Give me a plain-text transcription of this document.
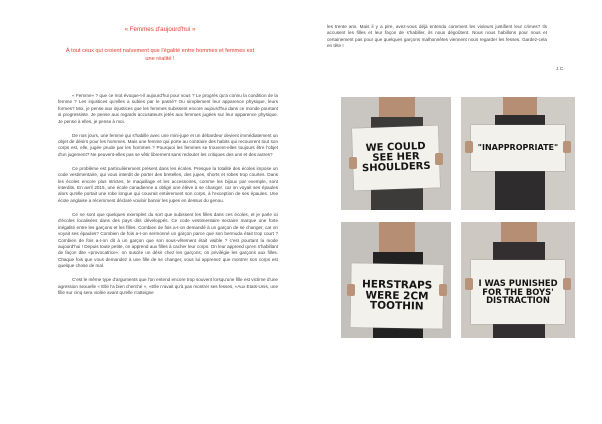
« Femmes d'aujourd'hui »
À tout ceux qui croient naïvement que l'égalité entre hommes et femmes est une réalité !

« Femme» ? que ce mot évoque-t-il aujourd'hui pour vous ? Le progrès qu'a connu la condition de la femme ? Les injustices qu'elles a subies par le passé? Ou simplement leur apparence physique, leurs formes? Moi, je pense aux injustices que les femmes subissent encore aujourd'hui dans ce monde pourtant si progressiste. Je pense aux regards accusateurs jetés aux femmes jugées sur leur apparence physique. Je pense à elles, je pense à moi.

De nos jours, une femme qui s'habille avec une mini-jupe et un débardeur devient immédiatement un objet de désirs pour les hommes. Mais une femme qui porte au contraire des habits qui recouvrent tout son corps est, elle, jugée prude par les hommes ? Pourquoi les femmes se trouvent-elles toujours être l'objet d'un jugement? Ne peuvent-elles pas se vêtir librement sans redouter les critiques des uns et des autres?

Ce problème est particulièrement présent dans les écoles. Presque la totalité des écoles impose un code vestimentaire, qui vous interdit de porter des bretelles, des jupes, shorts et robes trop courtes. Dans les écoles encore plus strictes, le maquillage et les accessoires, comme les bijoux par exemple, sont interdits. En avril 2015, une école canadienne a obligé une élève à se changer, car on voyait ses épaules alors qu'elle portait une robe longue qui couvrait entièrement son corps, à l'exception de ses épaules. Une école anglaise a récemment déclaré vouloir bannir les jupes en dessus du genou.

Ce ne sont que quelques exemples du sort que subissent les filles dans ces écoles, et je parle ici d'écoles localisées dans des pays dits développés. Ce code vestimentaire sectaire marque une forte inégalité entre les garçons et les filles. Combien de fois a-t-on demandé à un garçon de se changer, car on voyait ses épaules? Combien de fois a-t-on sermonné un garçon parce que son bermuda était trop court ? Combien de fois a-t-on dit à un garçon que son sous-vêtement était visible ? c'est pourtant la mode aujourd'hui ! Depuis toute petite, on apprend aux filles à cacher leur corps. On leur apprend qu'en s'habillant de façon dite «provocatrice», on suscite un désir chez les garçons; on privilégie les garçons aux filles. Chaque fois que vous demandez à une fille de se changer, vous lui apprenez que montrer son corps est quelque chose de mal.

C'est le même type d'arguments que l'on entend encore trop souvent lorsqu'une fille est victime d'une agression sexuelle « Elle l'a bien cherché », «Elle n'avait qu'à pas montrer ses fesses, »Aux Etats-Unis, une fille sur cinq sera violée avant qu'elle n'atteigne

les trente ans. Mais il y a pire, avez-vous déjà entendu comment les violeurs justifient leur crimes? Ils accusent les filles et leur façon de s'habiller, ils nous dégoûtent. Nous nous habillons pour nous et certainement pas pour que quelques garçons malhonnêtes viennent nous regarder les fesses. Gardez-cela en tête !
J.C.
WE COULD
SEE HER
SHOULDERS
"INAPPROPRIATE"
HERSTRAPS
WERE 2CM
TOOTHIN
I WAS PUNISHED
FOR THE BOYS'
DISTRACTION
